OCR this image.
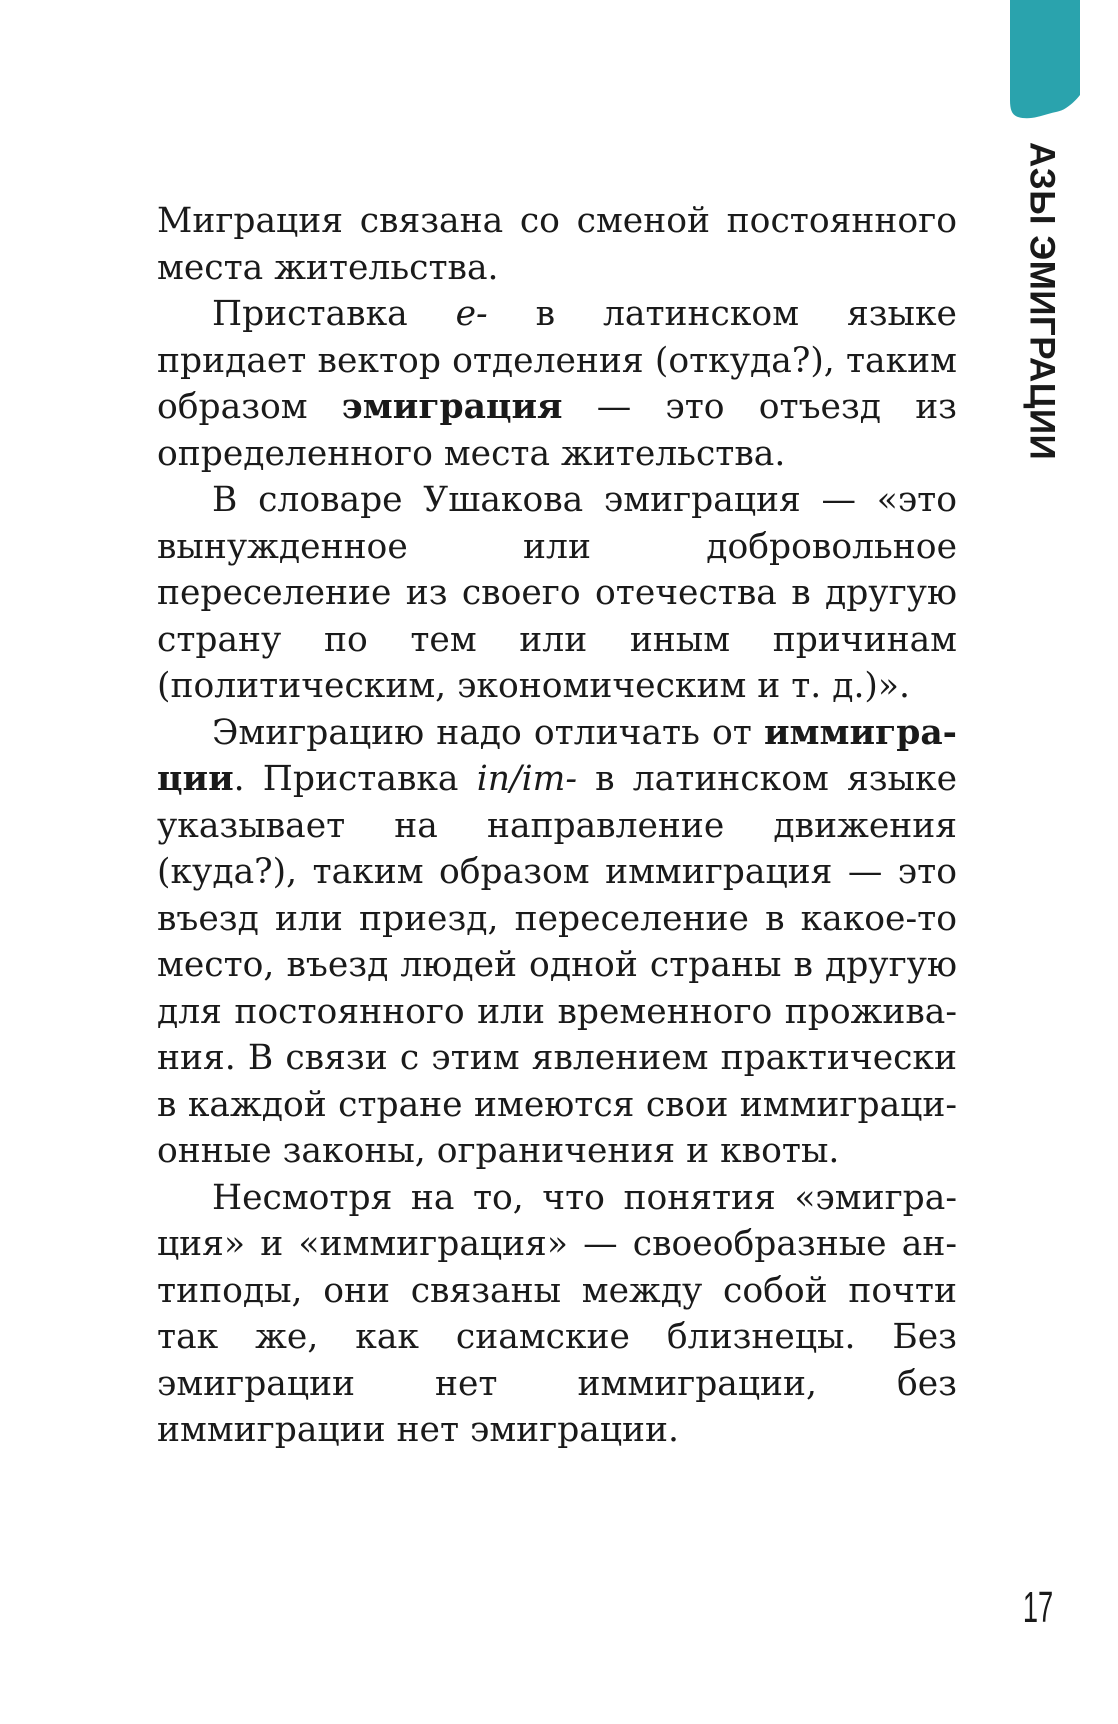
АЗЫ ЭМИГРАЦИИ

Миграция связана со сменой постоянного места жительства.

Приставка е- в латинском языке придает вектор отделения (откуда?), таким образом эмиграция — это отъезд из определенного места жительства.

В словаре Ушакова эмиграция — «это вынужденное или добровольное переселение из своего отечества в другую страну по тем или иным причинам (политическим, экономическим и т. д.)».

Эмиграцию надо отличать от иммиграции. Приставка in/im- в латинском языке указывает на направление движения (куда?), таким образом иммиграция — это въезд или приезд, переселение в какое-то место, въезд людей одной страны в другую для постоянного или временного проживания. В связи с этим явлением практически в каждой стране имеются свои иммиграционные законы, ограничения и квоты.

Несмотря на то, что понятия «эмиграция» и «иммиграция» — своеобразные антиподы, они связаны между собой почти так же, как сиамские близнецы. Без эмиграции нет иммиграции, без иммиграции нет эмиграции.

17
